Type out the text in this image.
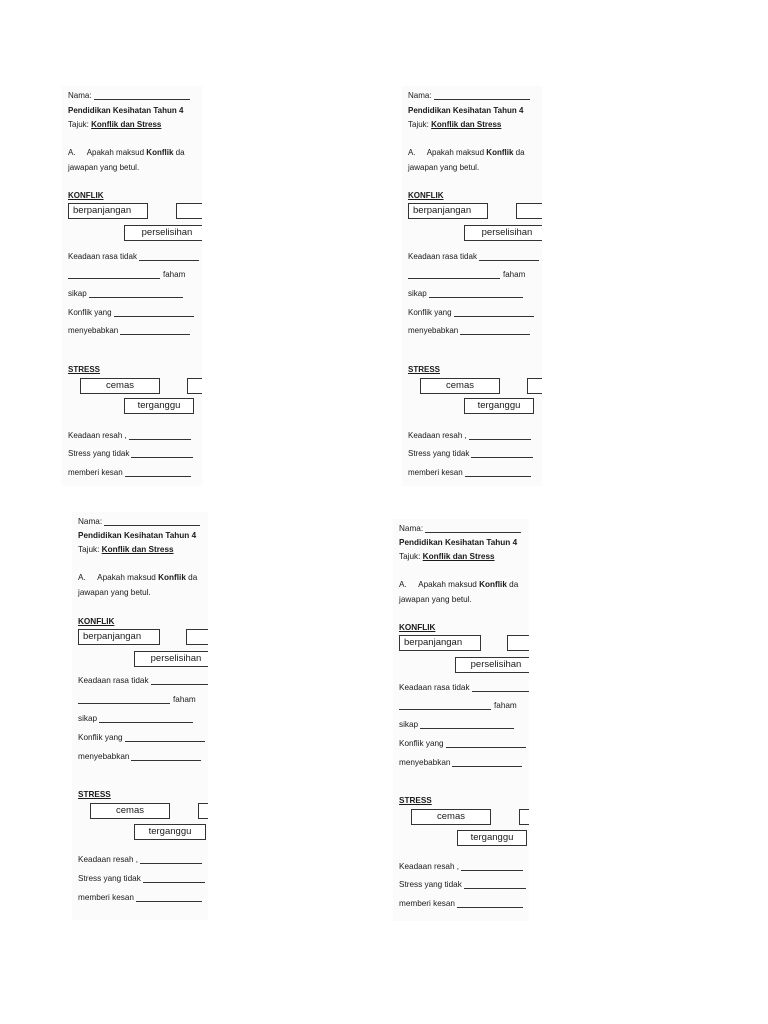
Nama:
Pendidikan Kesihatan Tahun 4
Tajuk: Konflik dan Stress
A. Apakah maksud Konflik da
jawapan yang betul.
KONFLIK
berpanjangan
perselisihan
Keadaan rasa tidak
faham
sikap
Konflik yang
menyebabkan
STRESS
cemas
terganggu
Keadaan resah ,
Stress yang tidak
memberi kesan
Nama:
Pendidikan Kesihatan Tahun 4
Tajuk: Konflik dan Stress
A. Apakah maksud Konflik da
jawapan yang betul.
KONFLIK
berpanjangan
perselisihan
Keadaan rasa tidak
faham
sikap
Konflik yang
menyebabkan
STRESS
cemas
terganggu
Keadaan resah ,
Stress yang tidak
memberi kesan
Nama:
Pendidikan Kesihatan Tahun 4
Tajuk: Konflik dan Stress
A. Apakah maksud Konflik da
jawapan yang betul.
KONFLIK
berpanjangan
perselisihan
Keadaan rasa tidak
faham
sikap
Konflik yang
menyebabkan
STRESS
cemas
terganggu
Keadaan resah ,
Stress yang tidak
memberi kesan
Nama:
Pendidikan Kesihatan Tahun 4
Tajuk: Konflik dan Stress
A. Apakah maksud Konflik da
jawapan yang betul.
KONFLIK
berpanjangan
perselisihan
Keadaan rasa tidak
faham
sikap
Konflik yang
menyebabkan
STRESS
cemas
terganggu
Keadaan resah ,
Stress yang tidak
memberi kesan
